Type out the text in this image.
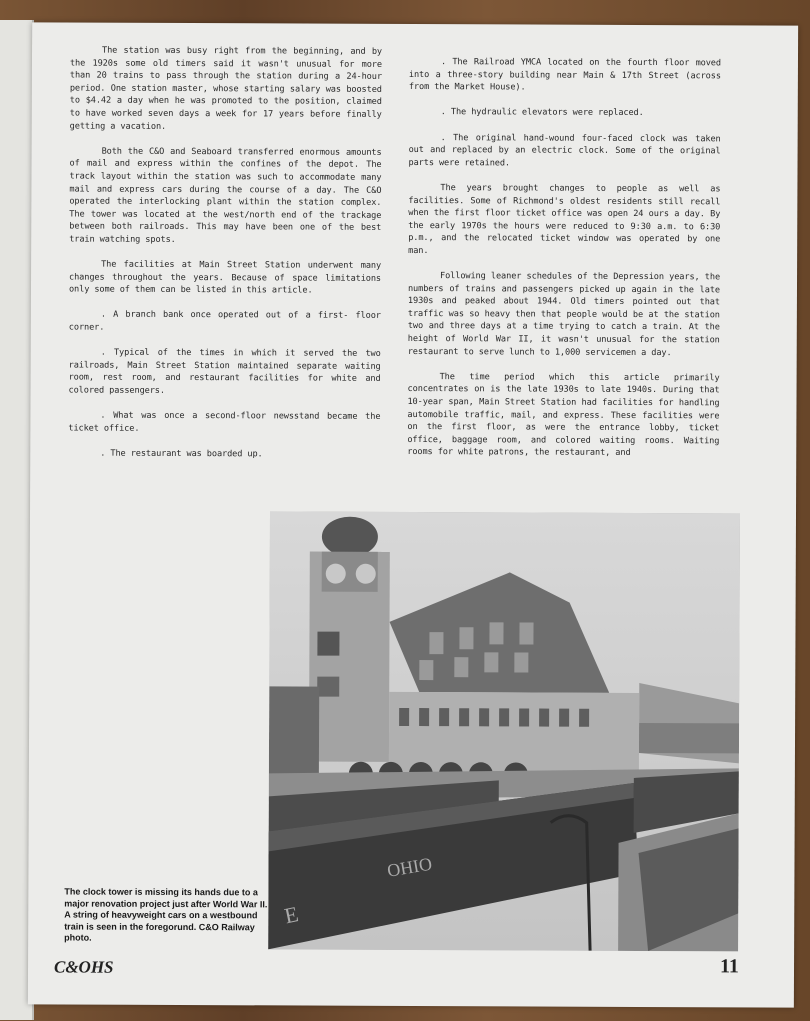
The station was busy right from the beginning, and by the 1920s some old timers said it wasn't unusual for more than 20 trains to pass through the station during a 24-hour period. One station master, whose starting salary was boosted to $4.42 a day when he was promoted to the position, claimed to have worked seven days a week for 17 years before finally getting a vacation.

Both the C&O and Seaboard transferred enormous amounts of mail and express within the confines of the depot. The track layout within the station was such to accommodate many mail and express cars during the course of a day. The C&O operated the interlocking plant within the station complex. The tower was located at the west/north end of the trackage between both railroads. This may have been one of the best train watching spots.

The facilities at Main Street Station underwent many changes throughout the years. Because of space limitations only some of them can be listed in this article.

. A branch bank once operated out of a first- floor corner.

. Typical of the times in which it served the two railroads, Main Street Station maintained separate waiting room, rest room, and restaurant facilities for white and colored passengers.

. What was once a second-floor newsstand became the ticket office.

. The restaurant was boarded up.

. The Railroad YMCA located on the fourth floor moved into a three-story building near Main & 17th Street (across from the Market House).

. The hydraulic elevators were replaced.

. The original hand-wound four-faced clock was taken out and replaced by an electric clock. Some of the original parts were retained.

The years brought changes to people as well as facilities. Some of Richmond's oldest residents still recall when the first floor ticket office was open 24 ours a day. By the early 1970s the hours were reduced to 9:30 a.m. to 6:30 p.m., and the relocated ticket window was operated by one man.

Following leaner schedules of the Depression years, the numbers of trains and passengers picked up again in the late 1930s and peaked about 1944. Old timers pointed out that traffic was so heavy then that people would be at the station two and three days at a time trying to catch a train. At the height of World War II, it wasn't unusual for the station restaurant to serve lunch to 1,000 servicemen a day.

The time period which this article primarily concentrates on is the late 1930s to late 1940s. During that 10-year span, Main Street Station had facilities for handling automobile traffic, mail, and express. These facilities were on the first floor, as were the entrance lobby, ticket office, baggage room, and colored waiting rooms. Waiting rooms for white patrons, the restaurant, and

OHIO
E
The clock tower is missing its hands due to a major renovation project just after World War II. A string of heavyweight cars on a westbound train is seen in the foregorund. C&O Railway photo.
C&OHS	11
